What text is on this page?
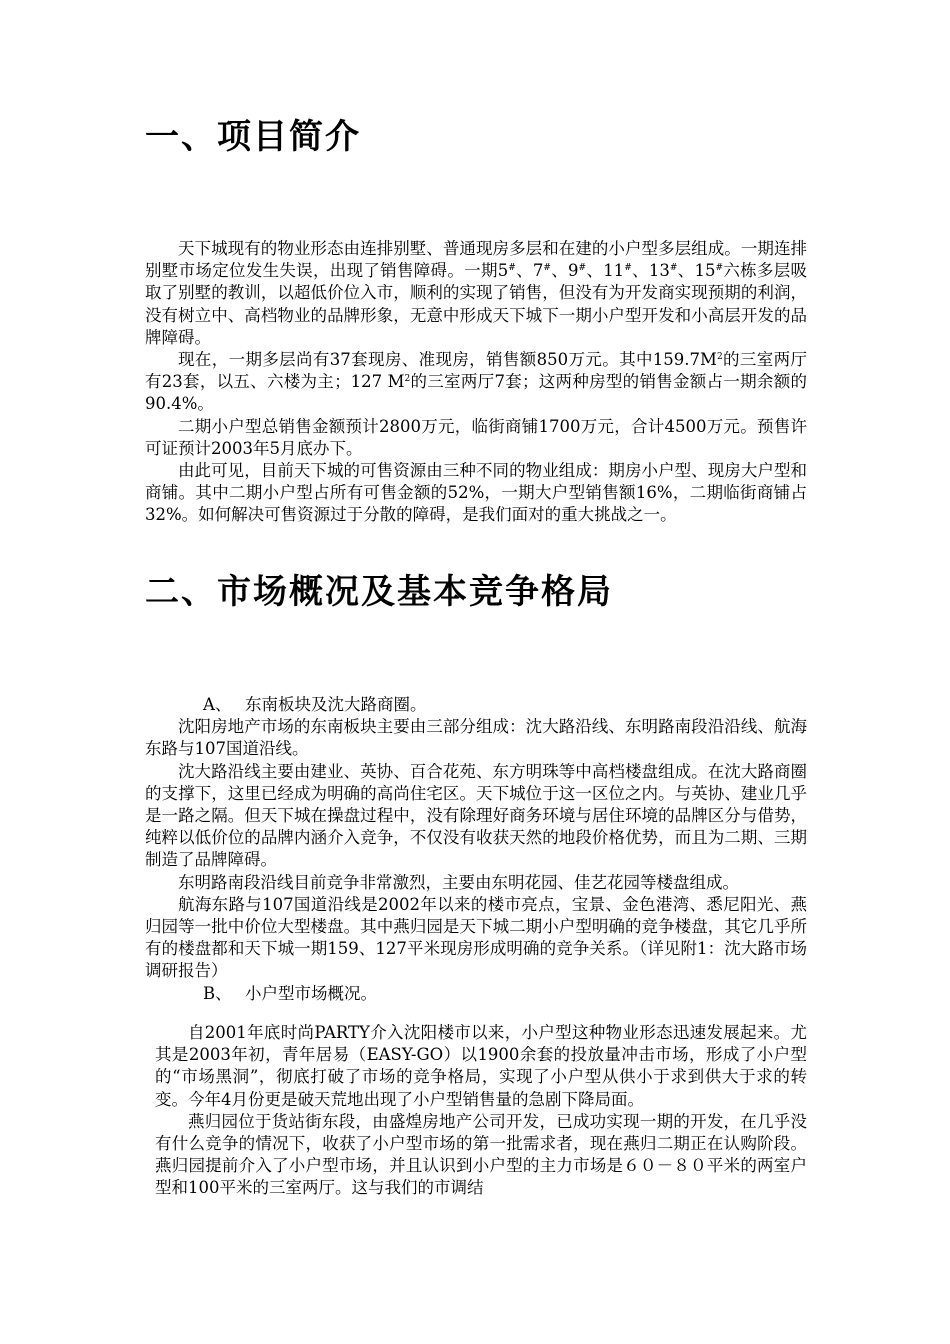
一、项目简介

天下城现有的物业形态由连排别墅、普通现房多层和在建的小户型多层组成。一期连排别墅市场定位发生失误，出现了销售障碍。一期5#、7#、9#、11#、13#、15#六栋多层吸取了别墅的教训，以超低价位入市，顺利的实现了销售，但没有为开发商实现预期的利润，没有树立中、高档物业的品牌形象，无意中形成天下城下一期小户型开发和小高层开发的品牌障碍。

现在，一期多层尚有37套现房、准现房，销售额850万元。其中$159.7M^2$的三室两厅有23套，以五、六楼为主；127 $M^2$的三室两厅7套；这两种房型的销售金额占一期余额的90.4%。

二期小户型总销售金额预计2800万元，临街商铺1700万元，合计4500万元。预售许可证预计2003年5月底办下。

由此可见，目前天下城的可售资源由三种不同的物业组成：期房小户型、现房大户型和商铺。其中二期小户型占所有可售金额的52%，一期大户型销售额16%，二期临街商铺占32%。如何解决可售资源过于分散的障碍，是我们面对的重大挑战之一。

二、市场概况及基本竞争格局

A、 东南板块及沈大路商圈。

沈阳房地产市场的东南板块主要由三部分组成：沈大路沿线、东明路南段沿沿线、航海东路与107国道沿线。

沈大路沿线主要由建业、英协、百合花苑、东方明珠等中高档楼盘组成。在沈大路商圈的支撑下，这里已经成为明确的高尚住宅区。天下城位于这一区位之内。与英协、建业几乎是一路之隔。但天下城在操盘过程中，没有除理好商务环境与居住环境的品牌区分与借势，纯粹以低价位的品牌内涵介入竞争，不仅没有收获天然的地段价格优势，而且为二期、三期制造了品牌障碍。

东明路南段沿线目前竞争非常激烈，主要由东明花园、佳艺花园等楼盘组成。

航海东路与107国道沿线是2002年以来的楼市亮点，宝景、金色港湾、悉尼阳光、燕归园等一批中价位大型楼盘。其中燕归园是天下城二期小户型明确的竞争楼盘，其它几乎所有的楼盘都和天下城一期159、127平米现房形成明确的竞争关系。（详见附1：沈大路市场调研报告）

B、 小户型市场概况。

自2001年底时尚PARTY介入沈阳楼市以来，小户型这种物业形态迅速发展起来。尤其是2003年初，青年居易（EASY-GO）以1900余套的投放量冲击市场，形成了小户型的“市场黑洞”，彻底打破了市场的竞争格局，实现了小户型从供小于求到供大于求的转变。今年4月份更是破天荒地出现了小户型销售量的急剧下降局面。

燕归园位于货站街东段，由盛煌房地产公司开发，已成功实现一期的开发，在几乎没有什么竞争的情况下，收获了小户型市场的第一批需求者，现在燕归二期正在认购阶段。燕归园提前介入了小户型市场，并且认识到小户型的主力市场是６０－８０平米的两室户型和100平米的三室两厅。这与我们的市调结
